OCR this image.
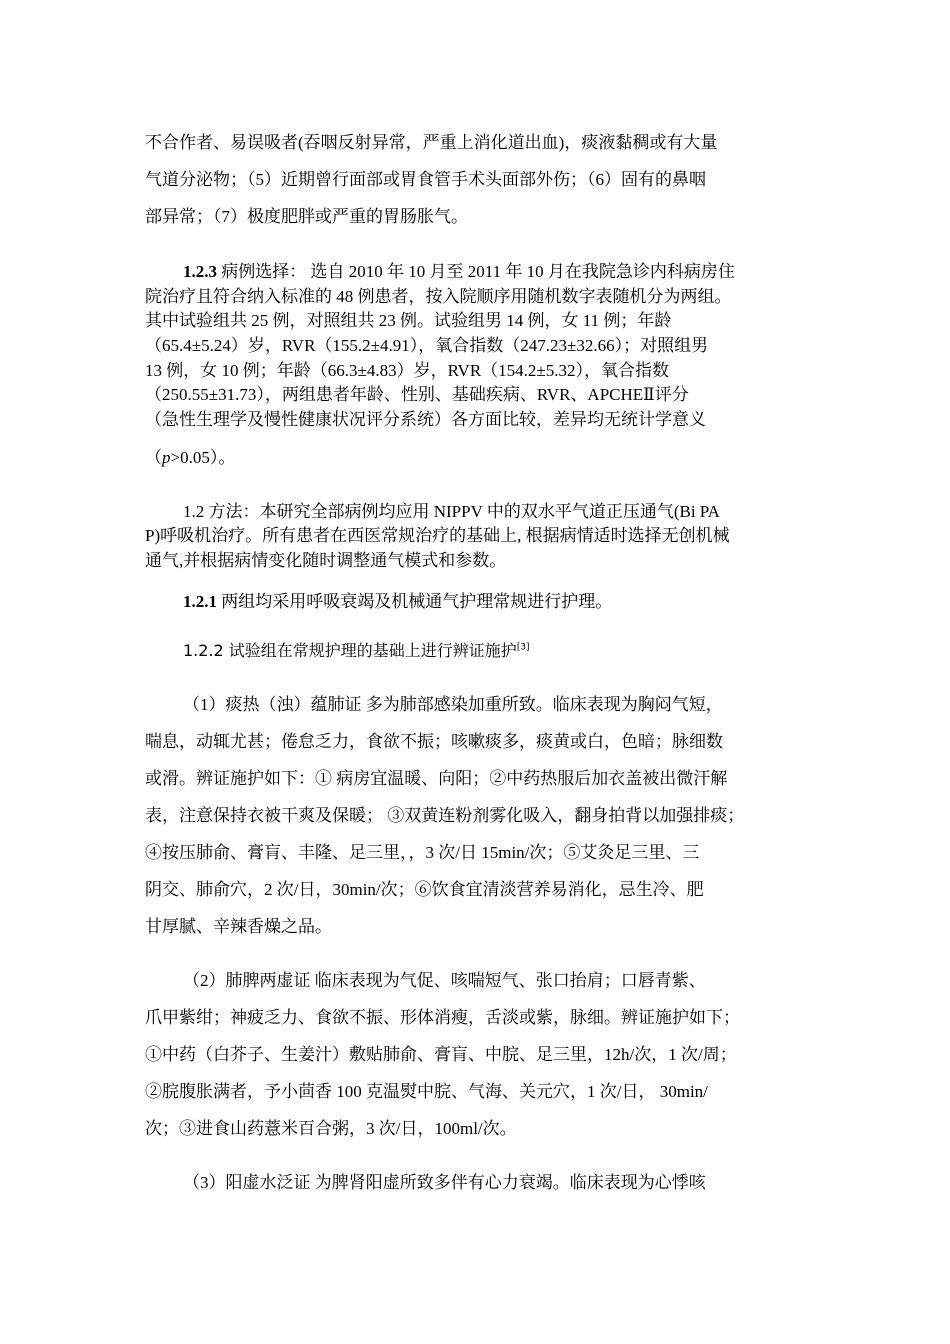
不合作者、易误吸者(吞咽反射异常，严重上消化道出血)，痰液黏稠或有大量
气道分泌物；（5）近期曾行面部或胃食管手术头面部外伤；（6）固有的鼻咽
部异常；（7）极度肥胖或严重的胃肠胀气。
1.2.3 病例选择： 选自 2010 年 10 月至 2011 年 10 月在我院急诊内科病房住
院治疗且符合纳入标准的 48 例患者，按入院顺序用随机数字表随机分为两组。
其中试验组共 25 例，对照组共 23 例。试验组男 14 例，女 11 例；年龄
（65.4±5.24）岁，RVR（155.2±4.91），氧合指数（247.23±32.66）；对照组男
13 例，女 10 例；年龄（66.3±4.83）岁，RVR（154.2±5.32），氧合指数
（250.55±31.73），两组患者年龄、性别、基础疾病、RVR、APCHEⅡ评分
（急性生理学及慢性健康状况评分系统）各方面比较，差异均无统计学意义
（p>0.05）。
1.2 方法：本研究全部病例均应用 NIPPV 中的双水平气道正压通气(Bi PA
P)呼吸机治疗。所有患者在西医常规治疗的基础上, 根据病情适时选择无创机械
通气,并根据病情变化随时调整通气模式和参数。
1.2.1 两组均采用呼吸衰竭及机械通气护理常规进行护理。
1.2.2 试验组在常规护理的基础上进行辨证施护[3]
（1）痰热（浊）蕴肺证 多为肺部感染加重所致。临床表现为胸闷气短，
喘息，动辄尤甚；倦怠乏力，食欲不振；咳嗽痰多，痰黄或白，色暗；脉细数
或滑。辨证施护如下：① 病房宜温暖、向阳；②中药热服后加衣盖被出微汗解
表，注意保持衣被干爽及保暖； ③双黄连粉剂雾化吸入，翻身拍背以加强排痰；
④按压肺俞、膏肓、丰隆、足三里，，3 次/日 15min/次；⑤艾灸足三里、三
阴交、肺俞穴，2 次/日，30min/次；⑥饮食宜清淡营养易消化，忌生冷、肥
甘厚腻、辛辣香燥之品。
（2）肺脾两虚证 临床表现为气促、咳喘短气、张口抬肩；口唇青紫、
爪甲紫绀；神疲乏力、食欲不振、形体消瘦，舌淡或紫，脉细。辨证施护如下；
①中药（白芥子、生姜汁）敷贴肺俞、膏肓、中脘、足三里，12h/次，1 次/周；
②脘腹胀满者，予小茴香 100 克温熨中脘、气海、关元穴，1 次/日， 30min/
次；③进食山药薏米百合粥，3 次/日，100ml/次。
（3）阳虚水泛证 为脾肾阳虚所致多伴有心力衰竭。临床表现为心悸咳
